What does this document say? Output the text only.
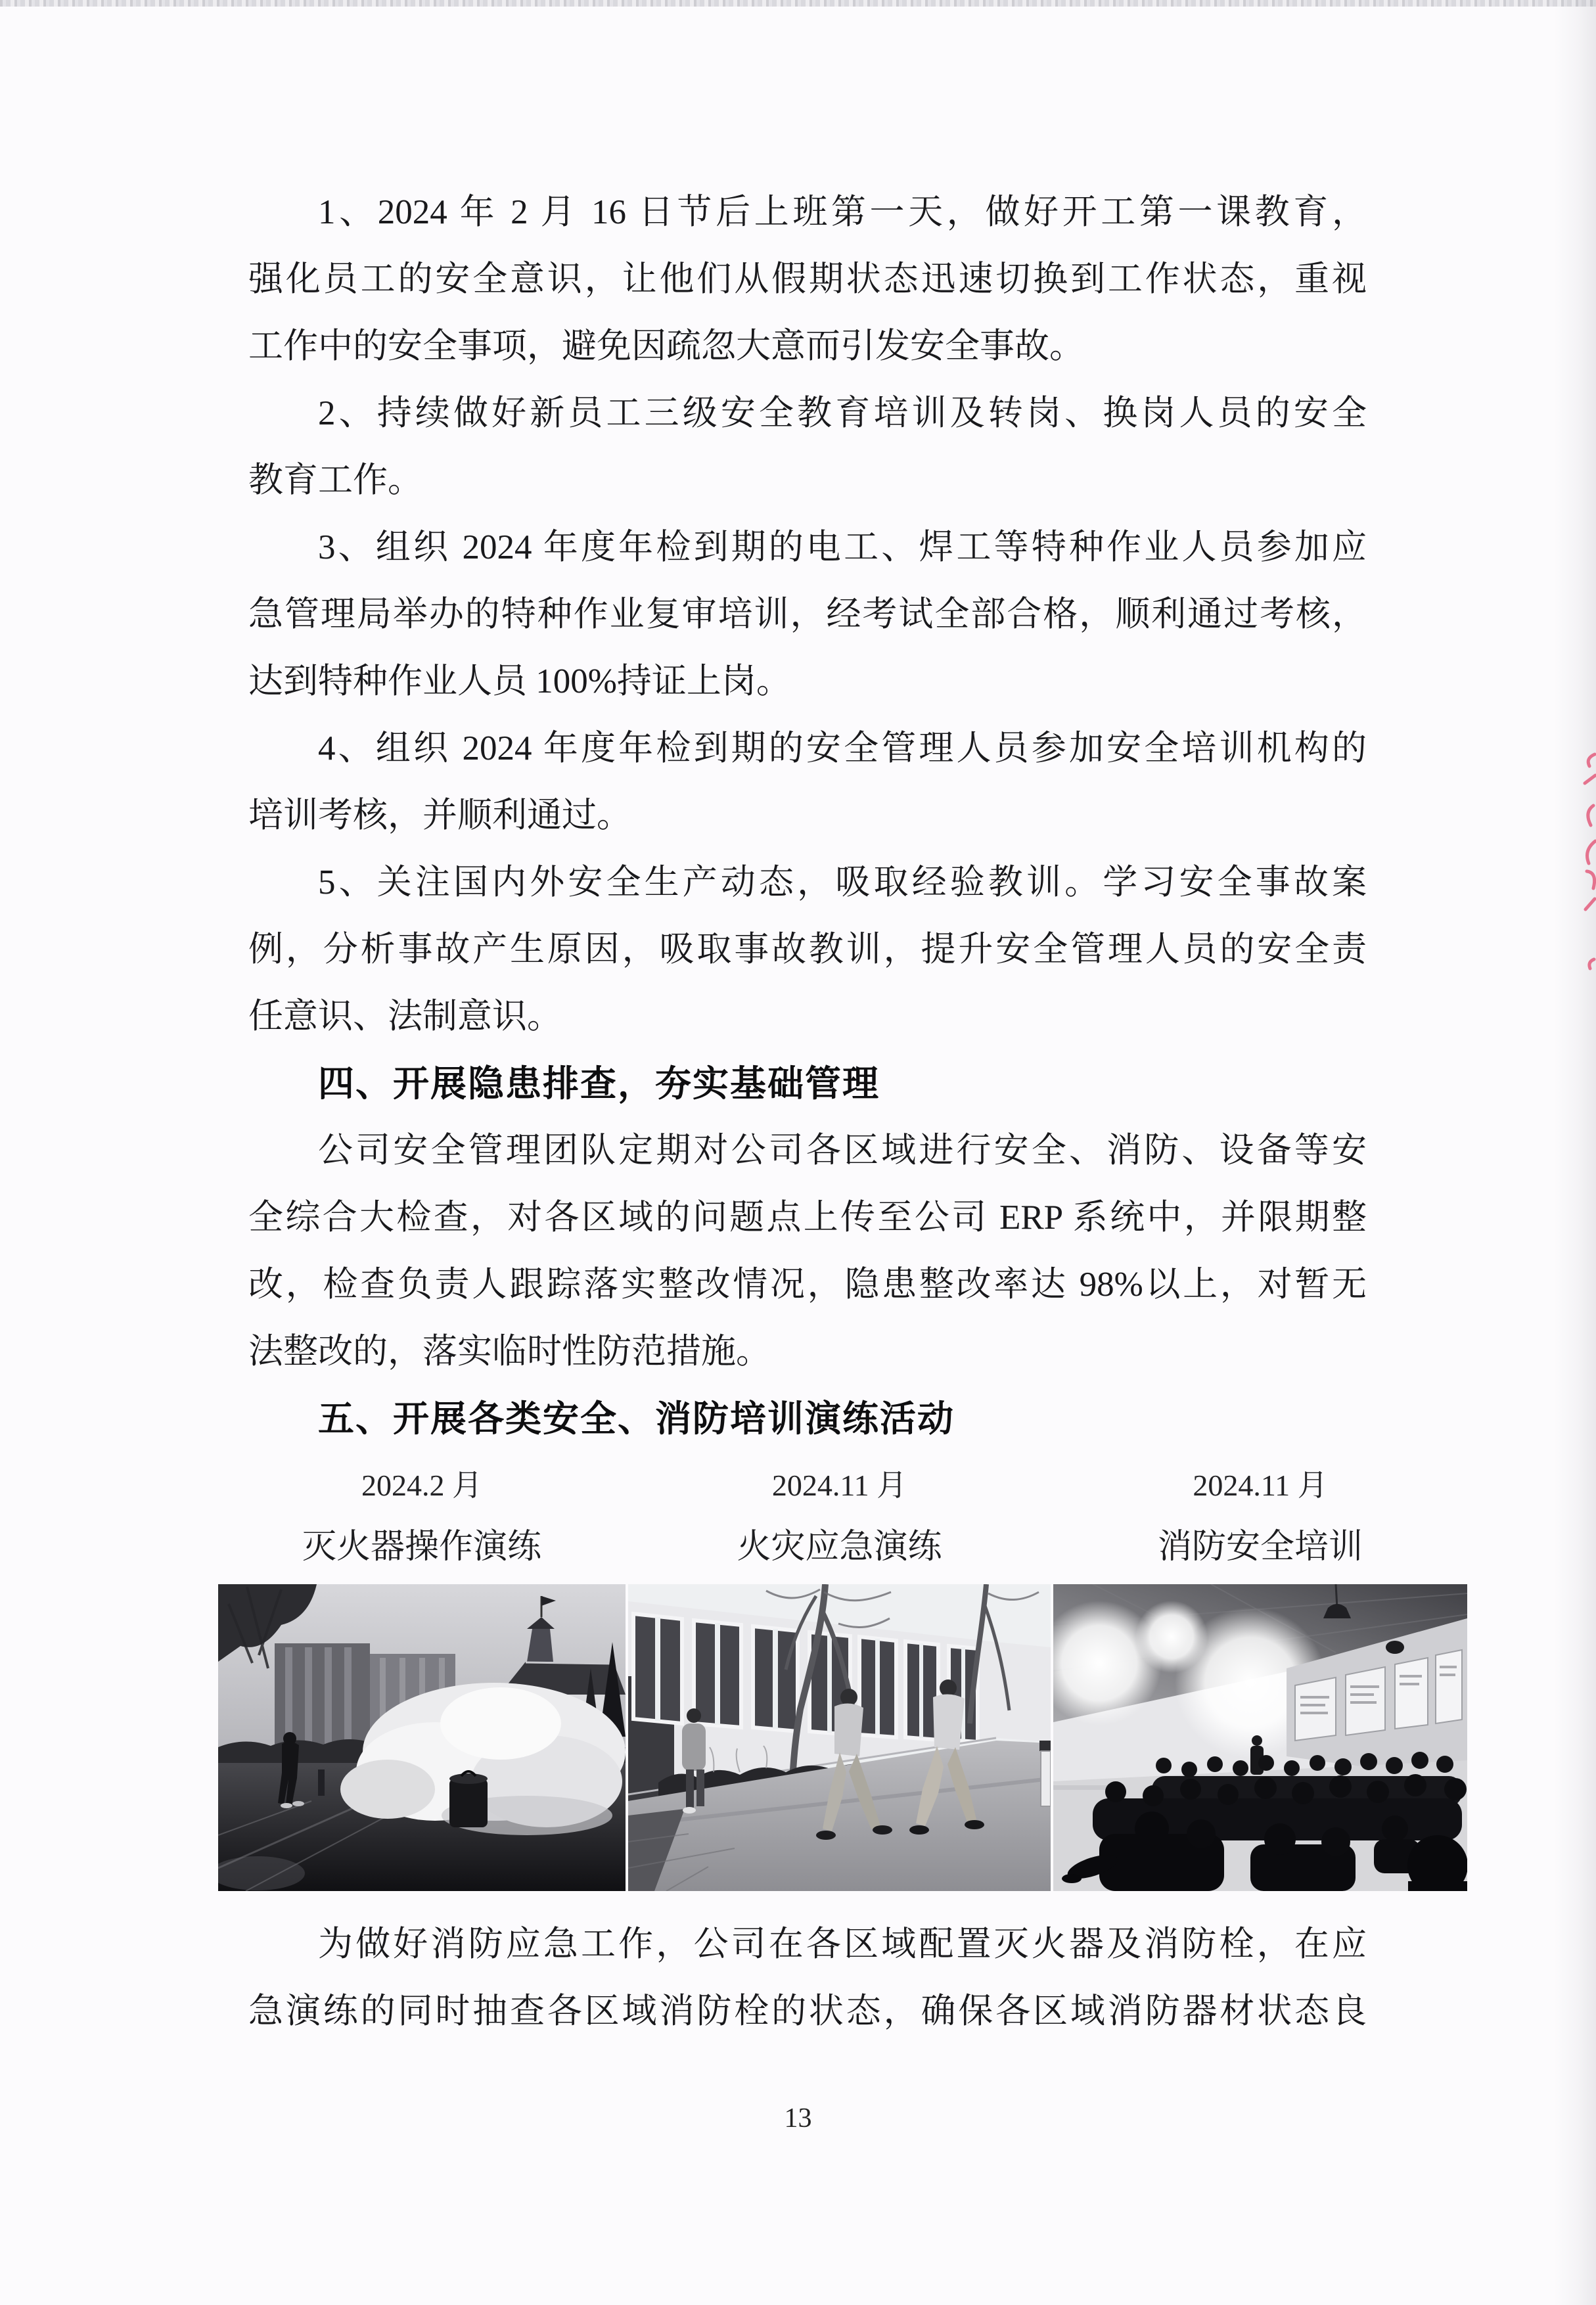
1、2024 年 2 月 16 日节后上班第一天，做好开工第一课教育，

强化员工的安全意识，让他们从假期状态迅速切换到工作状态，重视

工作中的安全事项，避免因疏忽大意而引发安全事故。

2、持续做好新员工三级安全教育培训及转岗、换岗人员的安全

教育工作。

3、组织 2024 年度年检到期的电工、焊工等特种作业人员参加应

急管理局举办的特种作业复审培训，经考试全部合格，顺利通过考核，

达到特种作业人员 100%持证上岗。

4、组织 2024 年度年检到期的安全管理人员参加安全培训机构的

培训考核，并顺利通过。

5、关注国内外安全生产动态，吸取经验教训。学习安全事故案

例，分析事故产生原因，吸取事故教训，提升安全管理人员的安全责

任意识、法制意识。

四、开展隐患排查，夯实基础管理

公司安全管理团队定期对公司各区域进行安全、消防、设备等安

全综合大检查，对各区域的问题点上传至公司 ERP 系统中，并限期整

改，检查负责人跟踪落实整改情况，隐患整改率达 98%以上，对暂无

法整改的，落实临时性防范措施。

五、开展各类安全、消防培训演练活动
2024.2 月	2024.11 月	2024.11 月
灭火器操作演练	火灾应急演练	消防安全培训

为做好消防应急工作，公司在各区域配置灭火器及消防栓，在应

急演练的同时抽查各区域消防栓的状态，确保各区域消防器材状态良

13
